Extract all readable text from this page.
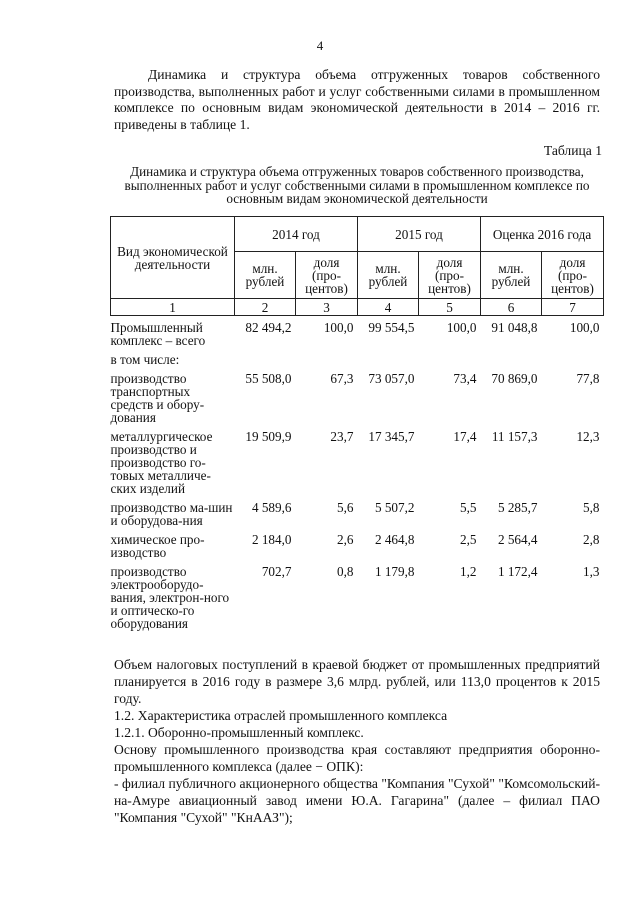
4
Динамика и структура объема отгруженных товаров собственного производства, выполненных работ и услуг собственными силами в промышленном комплексе по основным видам экономической деятельности в 2014 – 2016 гг. приведены в таблице 1.
Таблица 1
Динамика и структура объема отгруженных товаров собственного производства, выполненных работ и услуг собственными силами в промышленном комплексе по основным видам экономической деятельности
Вид экономической деятельности	2014 год		2015 год		Оценка 2016 года	
	млн. рублей	доля (про-центов)	млн. рублей	доля (про-центов)	млн. рублей	доля (про-центов)
1	2	3	4	5	6	7
Промышленный комплекс – всего	82 494,2	100,0	99 554,5	100,0	91 048,8	100,0
в том числе:						
производство транспортных средств и обору-дования	55 508,0	67,3	73 057,0	73,4	70 869,0	77,8
металлургическое производство и производство го-товых металличе-ских изделий	19 509,9	23,7	17 345,7	17,4	11 157,3	12,3
производство ма-шин и оборудова-ния	4 589,6	5,6	5 507,2	5,5	5 285,7	5,8
химическое про-изводство	2 184,0	2,6	2 464,8	2,5	2 564,4	2,8
производство электрооборудо-вания, электрон-ного и оптическо-го оборудования	702,7	0,8	1 179,8	1,2	1 172,4	1,3
Объем налоговых поступлений в краевой бюджет от промышленных предприятий планируется в 2016 году в размере 3,6 млрд. рублей, или 113,0 процентов к 2015 году.
1.2. Характеристика отраслей промышленного комплекса
1.2.1. Оборонно-промышленный комплекс.
Основу промышленного производства края составляют предприятия оборонно-промышленного комплекса (далее − ОПК):
- филиал публичного акционерного общества "Компания "Сухой" "Комсомольский-на-Амуре авиационный завод имени Ю.А. Гагарина" (далее – филиал ПАО "Компания "Сухой" "КнААЗ");
